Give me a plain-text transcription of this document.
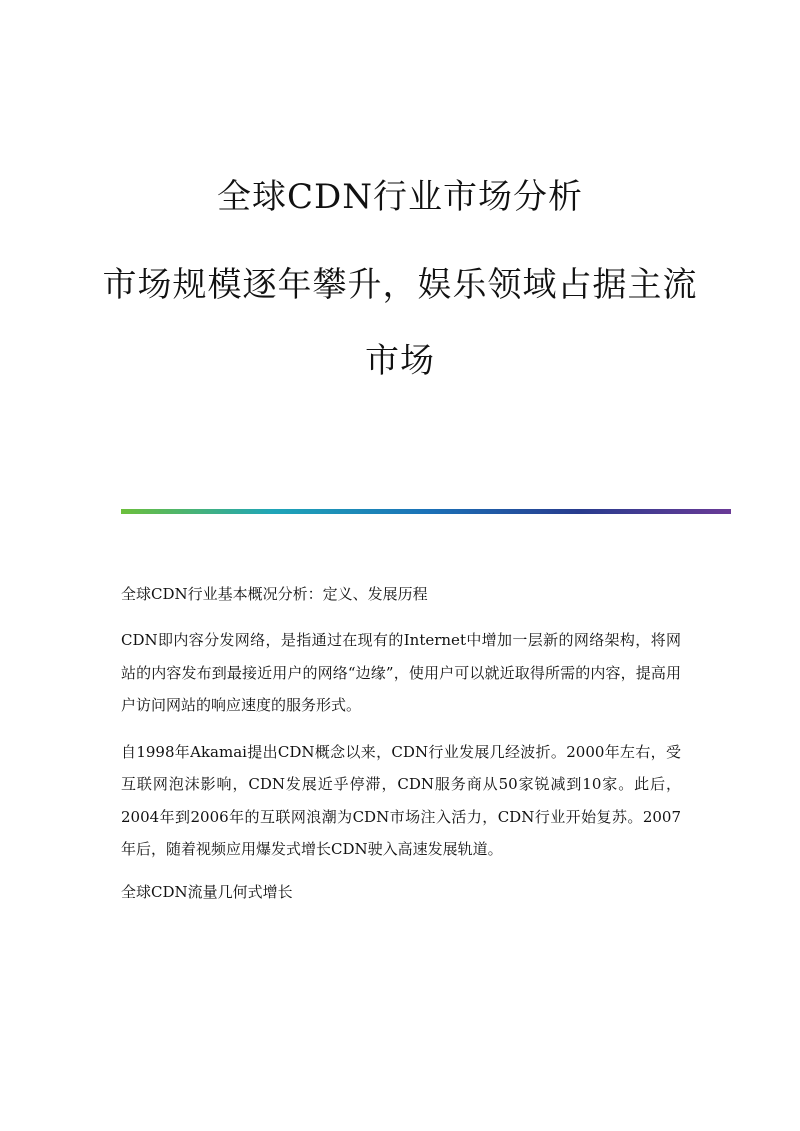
全球CDN行业市场分析
市场规模逐年攀升，娱乐领域占据主流
市场
全球CDN行业基本概况分析：定义、发展历程

CDN即内容分发网络，是指通过在现有的Internet中增加一层新的网络架构，将网站的内容发布到最接近用户的网络“边缘”，使用户可以就近取得所需的内容，提高用户访问网站的响应速度的服务形式。

自1998年Akamai提出CDN概念以来，CDN行业发展几经波折。2000年左右，受互联网泡沫影响，CDN发展近乎停滞，CDN服务商从50家锐减到10家。此后，2004年到2006年的互联网浪潮为CDN市场注入活力，CDN行业开始复苏。2007年后，随着视频应用爆发式增长CDN驶入高速发展轨道。

全球CDN流量几何式增长
